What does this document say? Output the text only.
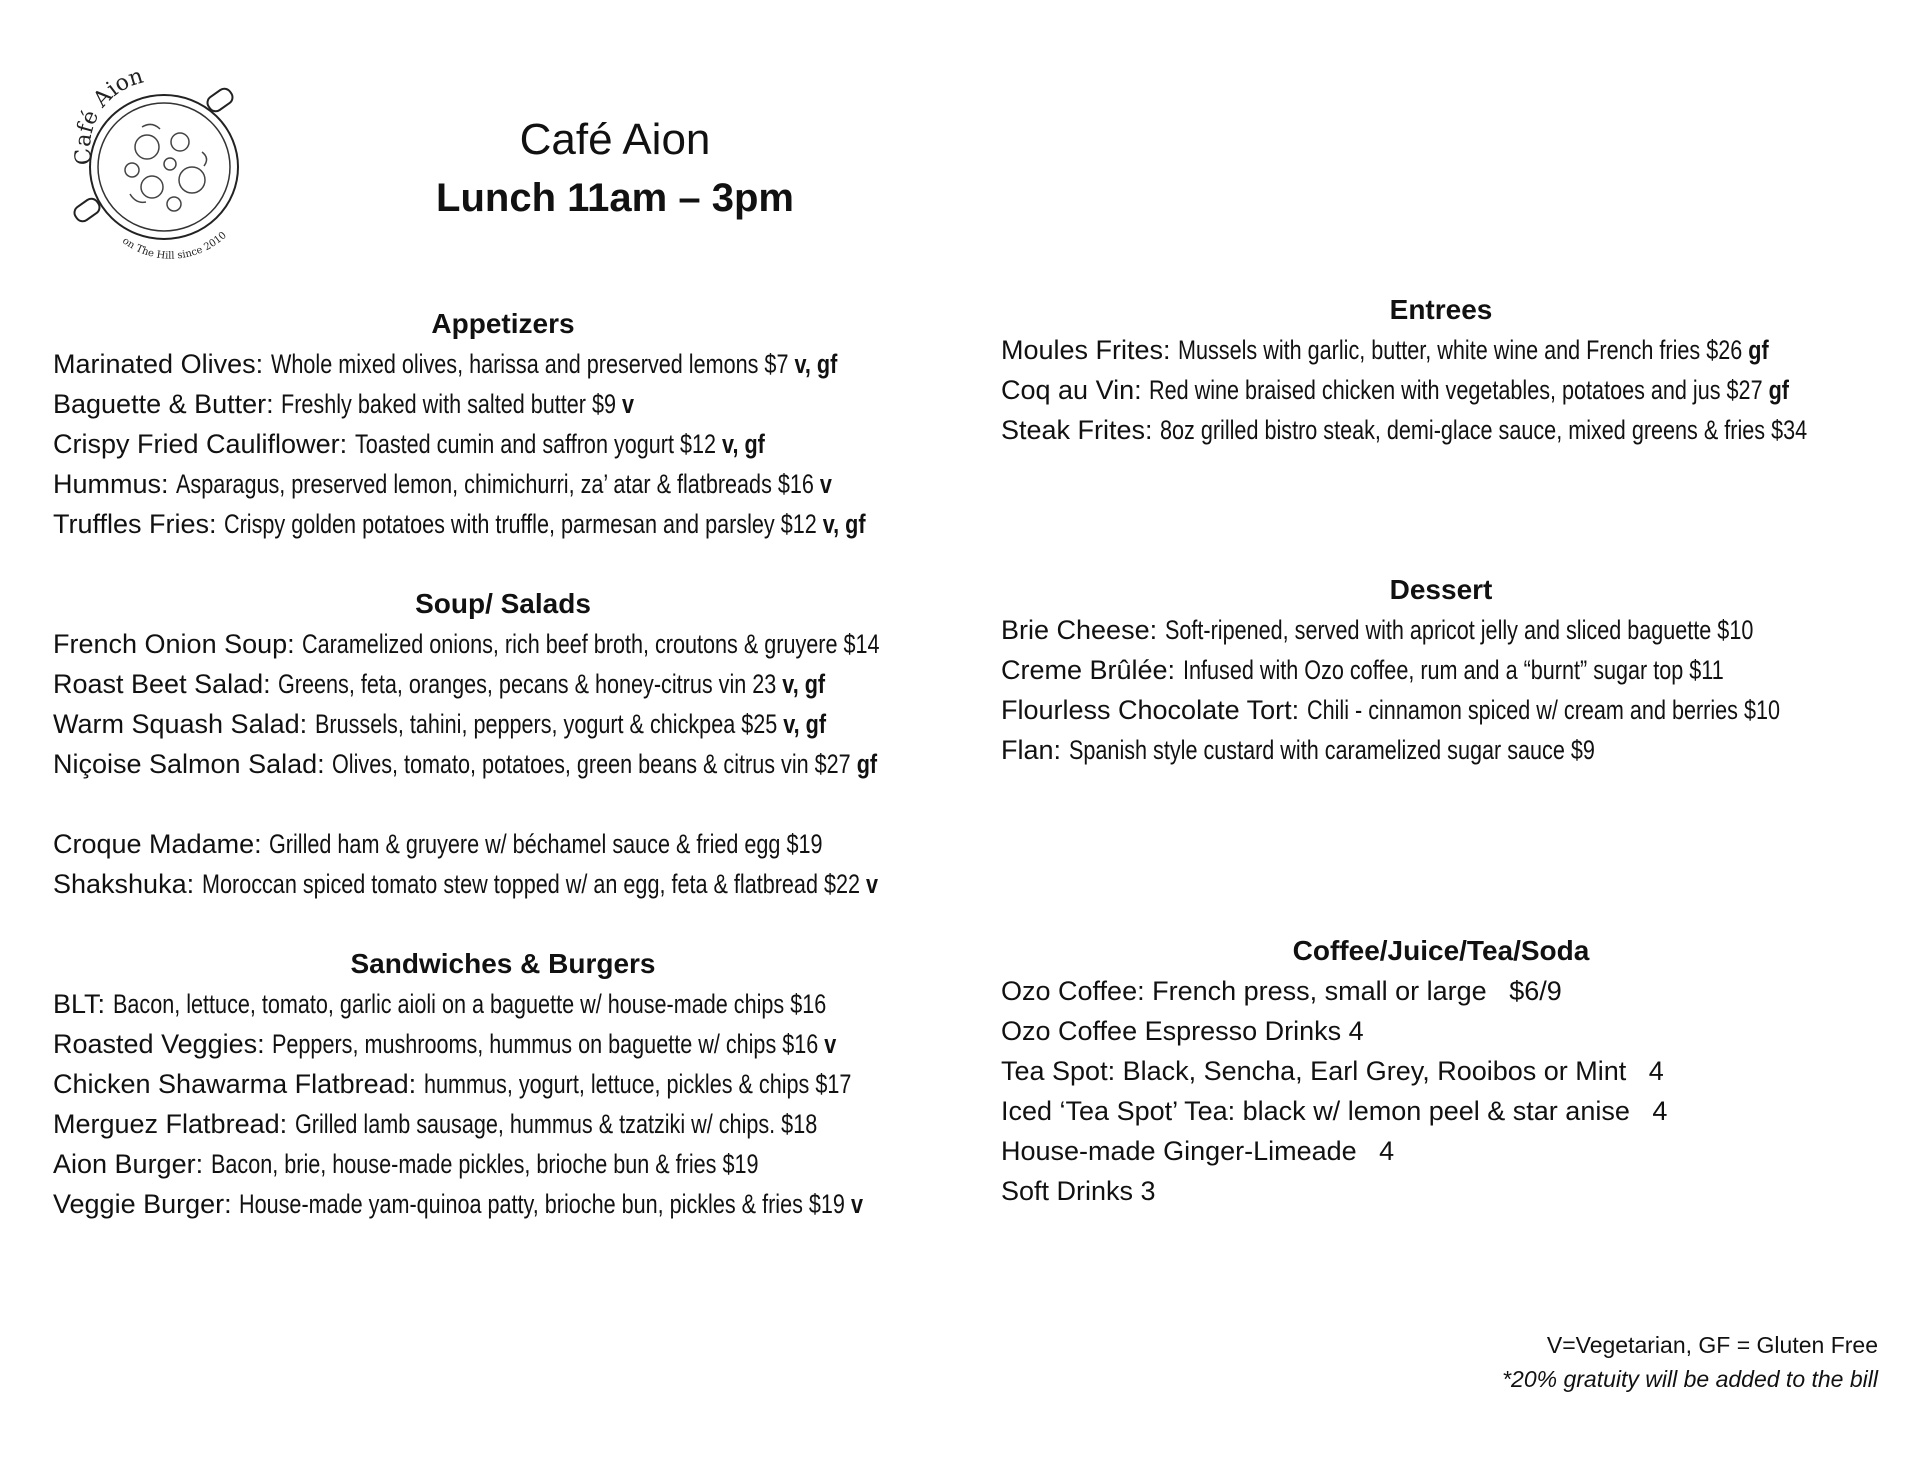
Café Aion
on The Hill since 2010
Café Aion
Lunch 11am – 3pm
Appetizers
Marinated Olives: Whole mixed olives, harissa and preserved lemons $7 v, gf
Baguette & Butter: Freshly baked with salted butter $9 v
Crispy Fried Cauliflower: Toasted cumin and saffron yogurt $12 v, gf
Hummus: Asparagus, preserved lemon, chimichurri, za’ atar & flatbreads $16 v
Truffles Fries: Crispy golden potatoes with truffle, parmesan and parsley $12 v, gf
Soup/ Salads
French Onion Soup: Caramelized onions, rich beef broth, croutons & gruyere $14
Roast Beet Salad: Greens, feta, oranges, pecans & honey-citrus vin 23 v, gf
Warm Squash Salad: Brussels, tahini, peppers, yogurt & chickpea $25 v, gf
Niçoise Salmon Salad: Olives, tomato, potatoes, green beans & citrus vin $27 gf
Croque Madame: Grilled ham & gruyere w/ béchamel sauce & fried egg $19
Shakshuka: Moroccan spiced tomato stew topped w/ an egg, feta & flatbread $22 v
Sandwiches & Burgers
BLT: Bacon, lettuce, tomato, garlic aioli on a baguette w/ house-made chips $16
Roasted Veggies: Peppers, mushrooms, hummus on baguette w/ chips $16 v
Chicken Shawarma Flatbread: hummus, yogurt, lettuce, pickles & chips $17
Merguez Flatbread: Grilled lamb sausage, hummus & tzatziki w/ chips. $18
Aion Burger: Bacon, brie, house-made pickles, brioche bun & fries $19
Veggie Burger: House-made yam-quinoa patty, brioche bun, pickles & fries $19 v
Entrees
Moules Frites: Mussels with garlic, butter, white wine and French fries $26 gf
Coq au Vin: Red wine braised chicken with vegetables, potatoes and jus $27 gf
Steak Frites: 8oz grilled bistro steak, demi-glace sauce, mixed greens & fries $34
Dessert
Brie Cheese: Soft-ripened, served with apricot jelly and sliced baguette $10
Creme Brûlée: Infused with Ozo coffee, rum and a “burnt” sugar top $11
Flourless Chocolate Tort: Chili - cinnamon spiced w/ cream and berries $10
Flan: Spanish style custard with caramelized sugar sauce $9
Coffee/Juice/Tea/Soda
Ozo Coffee: French press, small or large   $6/9
Ozo Coffee Espresso Drinks 4
Tea Spot: Black, Sencha, Earl Grey, Rooibos or Mint   4
Iced ‘Tea Spot’ Tea: black w/ lemon peel & star anise   4
House-made Ginger-Limeade   4
Soft Drinks 3
V=Vegetarian, GF = Gluten Free
*20% gratuity will be added to the bill
